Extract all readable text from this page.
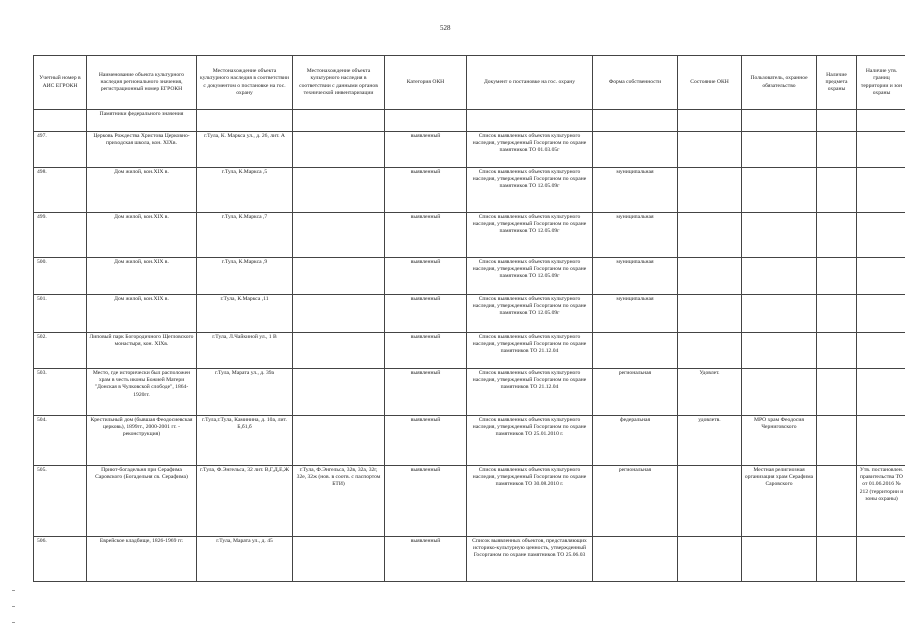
528
Учетный номер в АИС ЕГРОКН	Наименование объекта культурного наследия регионального значения, регистрационный номер ЕГРОКН	Местонахождение объекта культурного наследия в соответствии с документом о постановке на гос. охрану	Местонахождение объекта культурного наследия в соответствии с данными органов технической инвентаризации	Категория ОКН	Документ о постановке на гос. охрану	Форма собственности	Состояние ОКН	Пользователь, охранное обязательство	Наличие предмета охраны	Наличие утв. границ территории и зон охраны
	Памятники федерального значения									
497.	Церковь Рождества Христова Церковно-приходская школа, кон. XIXв.	г.Тула, К. Маркса ул., д. 26, лит. А		выявленный	Список выявленных объектов культурного наследия, утвержденный Госорганом по охране памятников ТО 01.03.05г					
498.	Дом жилой, кон.XIX в.	г.Тула, К.Маркса ,5		выявленный	Список выявленных объектов культурного наследия, утвержденный Госорганом по охране памятников ТО 12.05.09г	муниципальная				
499.	Дом жилой, кон.XIX в.	г.Тула, К.Маркса ,7		выявленный	Список выявленных объектов культурного наследия, утвержденный Госорганом по охране памятников ТО 12.05.09г	муниципальная				
500.	Дом жилой, кон.XIX в.	г.Тула, К.Маркса ,9		выявленный	Список выявленных объектов культурного наследия, утвержденный Госорганом по охране памятников ТО 12.05.09г	муниципальная				
501.	Дом жилой, кон.XIX в.	г.Тула, К.Маркса ,11		выявленный	Список выявленных объектов культурного наследия, утвержденный Госорганом по охране памятников ТО 12.05.09г	муниципальная				
502.	Липовый парк Богородичного Щегловского монастыря, кон. XIXв.	г.Тула, Л.Чайкиной ул., 1 В		выявленный	Список выявленных объектов культурного наследия, утвержденный Госорганом по охране памятников ТО 21.12.04					
503.	Место, где исторически был расположен храм в честь иконы Божией Матери "Донская в Чулковской слободе", 1864-1920гг.	г.Тула, Марата ул., д. 39а		выявленный	Список выявленных объектов культурного наследия, утвержденный Госорганом по охране памятников ТО 21.12.04	региональная	Удовлет.			
504.	Крестильный дом (бывшая Феодосиевская церковь), 1899гг., 2000-2001 гг. - реконструкция)	г.Тула,г.Тула, Каминина, д. 10а, лит. Б,б1,б		выявленный	Список выявленных объектов культурного наследия, утвержденный Госорганом по охране памятников ТО 25.01.2010 г.	федеральная	удовлетв.	МРО храм Феодосия Черниговского		
505.	Приют-богадельня при Серафима Саровского (Богадельня св. Серафима)	г.Тула, Ф.Энгельса, 32 лит. В,Г,Д,Е,Ж	г.Тула, Ф.Энгельса, 32в, 32а, 32г, 32е, 32ж (нов. в соотв. с паспортом БТИ)	выявленный	Список выявленных объектов культурного наследия, утвержденный Госорганом по охране памятников ТО 30.08.2010 г.	региональная		Местная религиозная организация храм Серафима Саровского		Утв. постановлен. правительства ТО от 01.06.2016 № 212 (территории и зоны охраны)
506.	Еврейское кладбище, 1826-1969 гг.	г.Тула, Марата ул., д. 45		выявленный	Список выявленных объектов, представляющих историко-культурную ценность, утвержденный Госорганом по охране памятников ТО 25.06.03					
